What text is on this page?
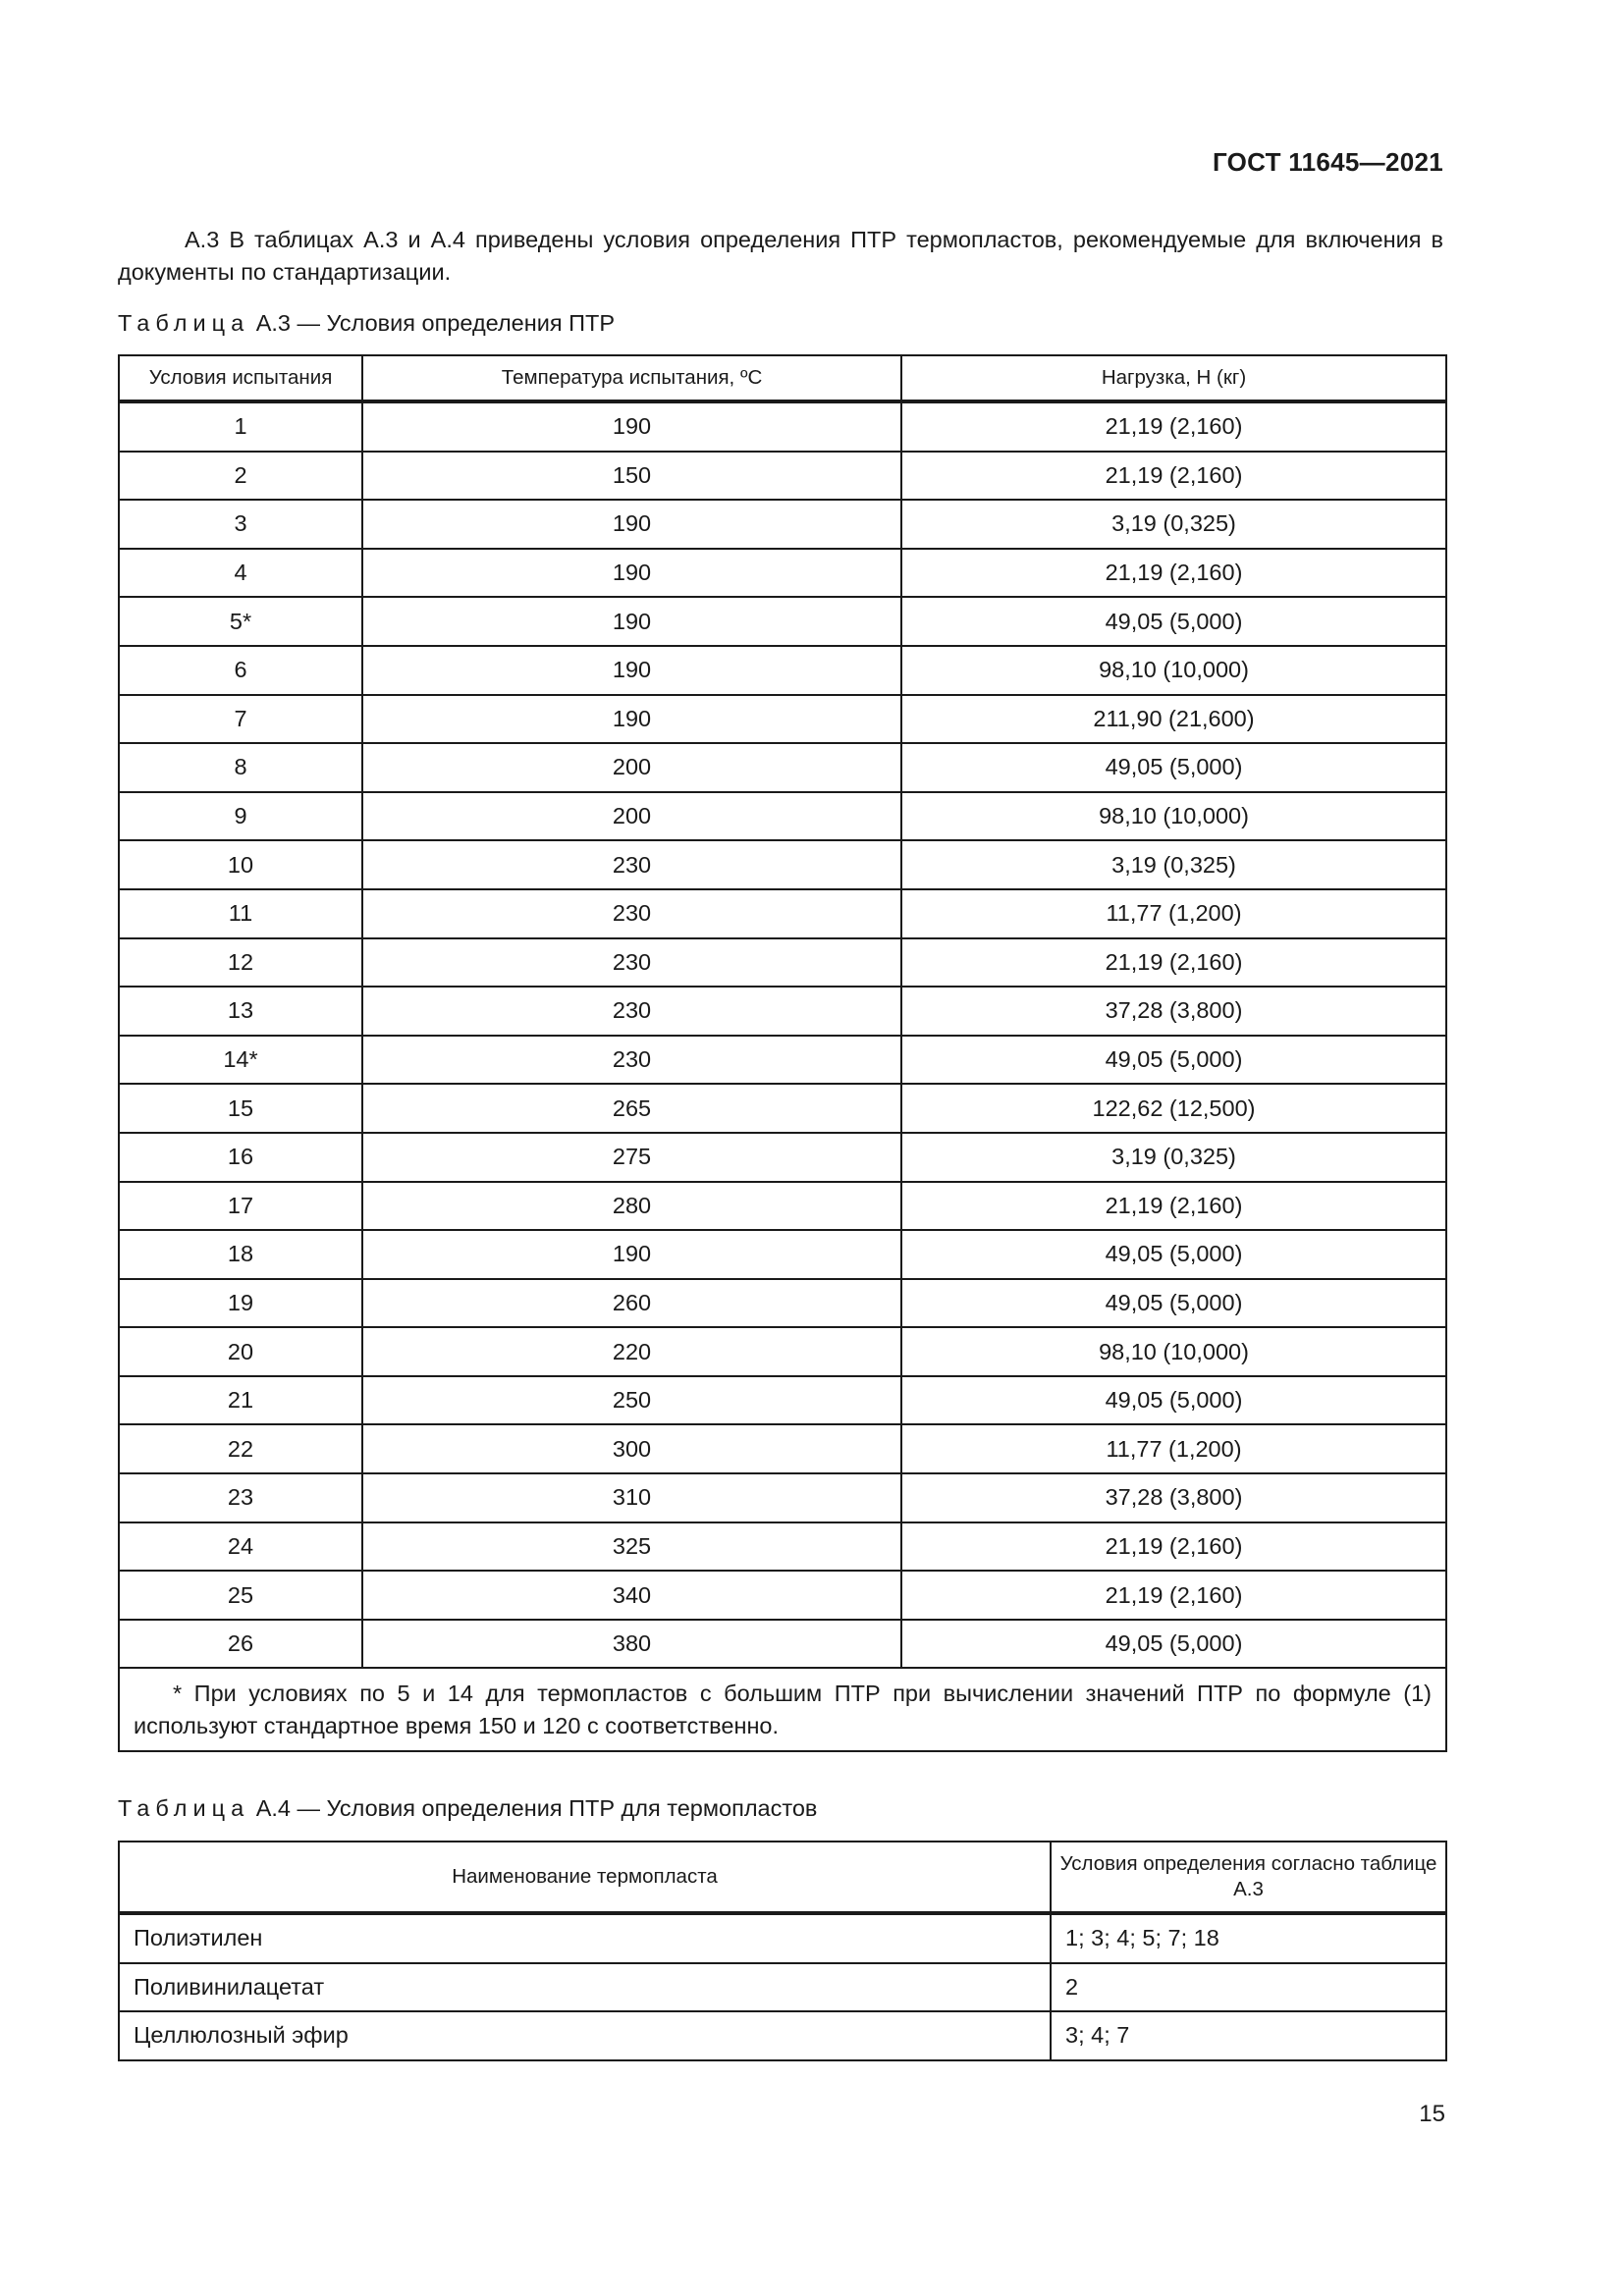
ГОСТ 11645—2021

А.3 В таблицах А.3 и А.4 приведены условия определения ПТР термопластов, рекомендуемые для включения в документы по стандартизации.

Таблица А.3 — Условия определения ПТР
Условия испытания	Температура испытания, ºС	Нагрузка, Н (кг)
1	190	21,19 (2,160)
2	150	21,19 (2,160)
3	190	3,19 (0,325)
4	190	21,19 (2,160)
5*	190	49,05 (5,000)
6	190	98,10 (10,000)
7	190	211,90 (21,600)
8	200	49,05 (5,000)
9	200	98,10 (10,000)
10	230	3,19 (0,325)
11	230	11,77 (1,200)
12	230	21,19 (2,160)
13	230	37,28 (3,800)
14*	230	49,05 (5,000)
15	265	122,62 (12,500)
16	275	3,19 (0,325)
17	280	21,19 (2,160)
18	190	49,05 (5,000)
19	260	49,05 (5,000)
20	220	98,10 (10,000)
21	250	49,05 (5,000)
22	300	11,77 (1,200)
23	310	37,28 (3,800)
24	325	21,19 (2,160)
25	340	21,19 (2,160)
26	380	49,05 (5,000)
* При условиях по 5 и 14 для термопластов с большим ПТР при вычислении значений ПТР по формуле (1) используют стандартное время 150 и 120 с соответственно.		
Таблица А.4 — Условия определения ПТР для термопластов
Наименование термопласта	Условия определения согласно таблице А.3
Полиэтилен	1; 3; 4; 5; 7; 18
Поливинилацетат	2
Целлюлозный эфир	3; 4; 7
15
